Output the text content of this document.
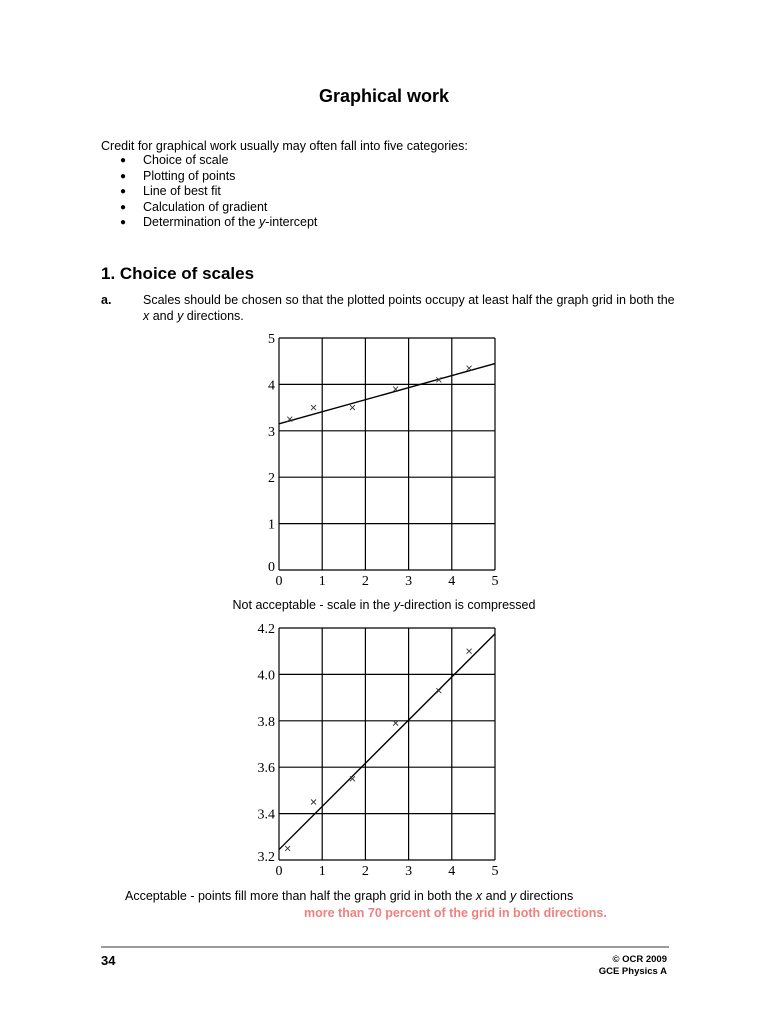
Graphical work
Credit for graphical work usually may often fall into five categories:
● Choice of scale
● Plotting of points
● Line of best fit
● Calculation of gradient
● Determination of the y-intercept
1. Choice of scales
a.	Scales should be chosen so that the plotted points occupy at least half the graph grid in both the x and y directions.
0	1	2	3	4	5
0
1
2
3
4
5
Not acceptable - scale in the y-direction is compressed
0	1	2	3	4	5
3.2
3.4
3.6
3.8
4.0
4.2
Acceptable - points fill more than half the graph grid in both the x and y directions
more than 70 percent of the grid in both directions.
34	© OCR 2009
GCE Physics A
